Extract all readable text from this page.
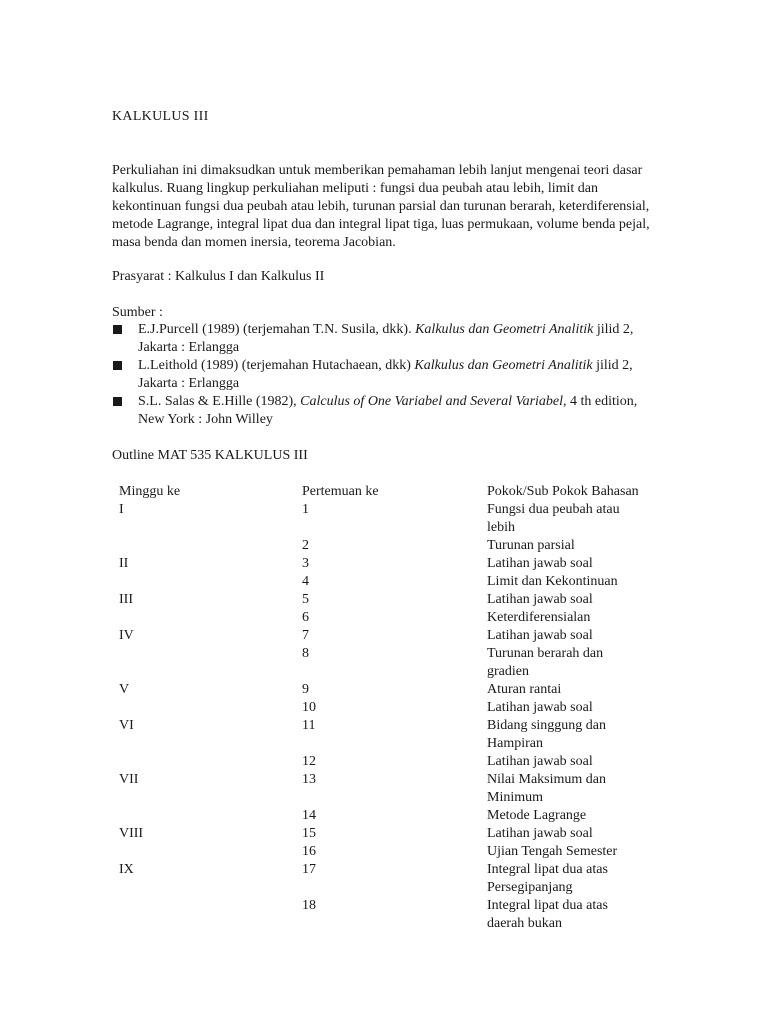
KALKULUS III
Perkuliahan ini dimaksudkan untuk memberikan pemahaman lebih lanjut mengenai teori dasar kalkulus. Ruang lingkup perkuliahan meliputi : fungsi dua peubah atau lebih, limit dan kekontinuan fungsi dua peubah atau lebih, turunan parsial dan turunan berarah, keterdiferensial, metode Lagrange, integral lipat dua dan integral lipat tiga, luas permukaan, volume benda pejal, masa benda dan momen inersia, teorema Jacobian.
Prasyarat : Kalkulus I dan Kalkulus II
Sumber :
E.J.Purcell (1989) (terjemahan T.N. Susila, dkk). Kalkulus dan Geometri Analitik jilid 2, Jakarta : Erlangga
L.Leithold (1989) (terjemahan Hutachaean, dkk) Kalkulus dan Geometri Analitik jilid 2, Jakarta : Erlangga
S.L. Salas & E.Hille (1982), Calculus of One Variabel and Several Variabel, 4 th edition, New York : John Willey
Outline MAT 535 KALKULUS III
Minggu ke	Pertemuan ke	Pokok/Sub Pokok Bahasan
I	1	Fungsi dua peubah atau lebih
	2	Turunan parsial
II	3	Latihan jawab soal
	4	Limit dan Kekontinuan
III	5	Latihan jawab soal
	6	Keterdiferensialan
IV	7	Latihan jawab soal
	8	Turunan berarah dan gradien
V	9	Aturan rantai
	10	Latihan jawab soal
VI	11	Bidang singgung dan Hampiran
	12	Latihan jawab soal
VII	13	Nilai Maksimum dan Minimum
	14	Metode Lagrange
VIII	15	Latihan jawab soal
	16	Ujian Tengah Semester
IX	17	Integral lipat dua atas Persegipanjang
	18	Integral lipat dua atas daerah bukan
